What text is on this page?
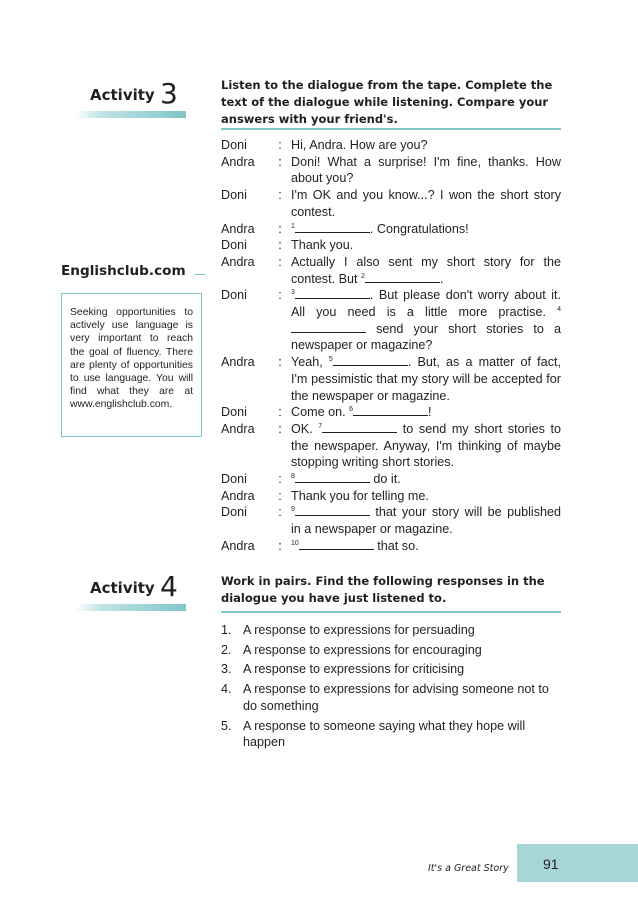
Activity 3	Listen to the dialogue from the tape. Complete the text of the dialogue while listening. Compare your answers with your friend's.
Doni	: Hi, Andra. How are you?
Andra	: Doni! What a surprise! I'm fine, thanks. How about you?
Doni	: I'm OK and you know...? I won the short story contest.
Andra	:	$^1$	. Congratulations!
Doni	: Thank you.
Andra	: Actually I also sent my short story for the contest. But $^2$	.
Doni	:	$^3$	. But please don't worry about it. All you need is a little more practise. $^4$ send your short stories to a newspaper or magazine?
Andra	: Yeah, $^5$	. But, as a matter of fact, I'm pessimistic that my story will be accepted for the newspaper or magazine.
Doni	: Come on. $^6$	!
Andra	: OK. $^7$	to send my short stories to the newspaper. Anyway, I'm thinking of maybe stopping writing short stories.
Doni	:	$^8$	do it.
Andra	: Thank you for telling me.
Doni	:	$^9$	that your story will be published in a newspaper or magazine.
Andra	:	$^{10}$	that so.
Englishclub.com
Seeking opportunities to actively use language is very important to reach the goal of fluency. There are plenty of opportunities to use language. You will find what they are at www.englishclub.com.
Activity 4	Work in pairs. Find the following responses in the dialogue you have just listened to.
1. A response to expressions for persuading
2. A response to expressions for encouraging
3. A response to expressions for criticising
4. A response to expressions for advising someone not to do something
5. A response to someone saying what they hope will happen
It's a Great Story 91
